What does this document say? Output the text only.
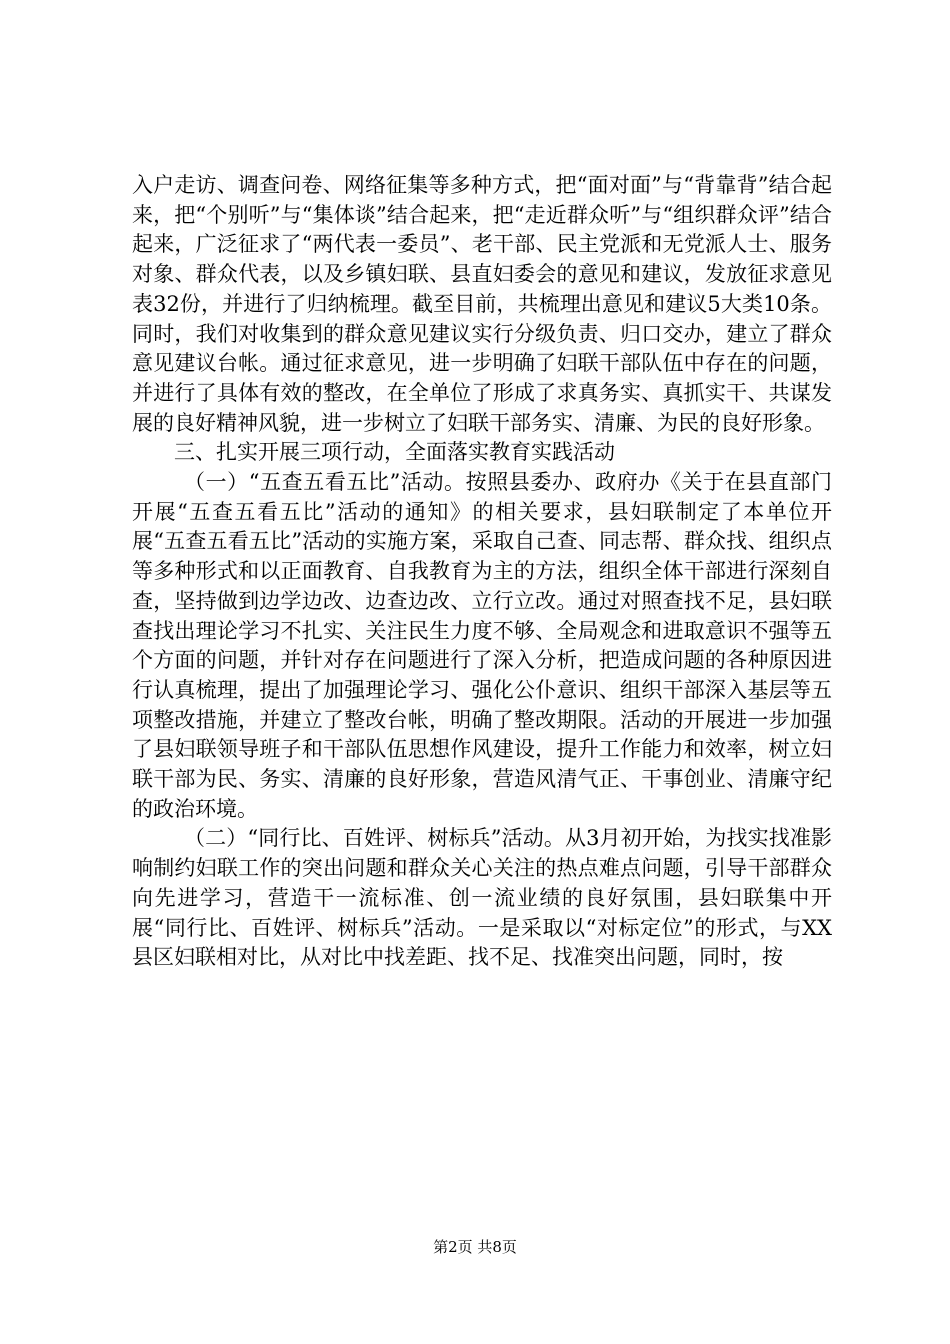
入户走访、调查问卷、网络征集等多种方式，把“面对面”与“背靠背”结合起来，把“个别听”与“集体谈”结合起来，把“走近群众听”与“组织群众评”结合起来，广泛征求了“两代表一委员”、老干部、民主党派和无党派人士、服务对象、群众代表，以及乡镇妇联、县直妇委会的意见和建议，发放征求意见表32份，并进行了归纳梳理。截至目前，共梳理出意见和建议5大类10条。同时，我们对收集到的群众意见建议实行分级负责、归口交办，建立了群众意见建议台帐。通过征求意见，进一步明确了妇联干部队伍中存在的问题，并进行了具体有效的整改，在全单位了形成了求真务实、真抓实干、共谋发展的良好精神风貌，进一步树立了妇联干部务实、清廉、为民的良好形象。

三、扎实开展三项行动，全面落实教育实践活动

（一）“五查五看五比”活动。按照县委办、政府办《关于在县直部门开展“五查五看五比”活动的通知》的相关要求，县妇联制定了本单位开展“五查五看五比”活动的实施方案，采取自己查、同志帮、群众找、组织点等多种形式和以正面教育、自我教育为主的方法，组织全体干部进行深刻自查，坚持做到边学边改、边查边改、立行立改。通过对照查找不足，县妇联查找出理论学习不扎实、关注民生力度不够、全局观念和进取意识不强等五个方面的问题，并针对存在问题进行了深入分析，把造成问题的各种原因进行认真梳理，提出了加强理论学习、强化公仆意识、组织干部深入基层等五项整改措施，并建立了整改台帐，明确了整改期限。活动的开展进一步加强了县妇联领导班子和干部队伍思想作风建设，提升工作能力和效率，树立妇联干部为民、务实、清廉的良好形象，营造风清气正、干事创业、清廉守纪的政治环境。

（二）“同行比、百姓评、树标兵”活动。从3月初开始，为找实找准影响制约妇联工作的突出问题和群众关心关注的热点难点问题，引导干部群众向先进学习，营造干一流标准、创一流业绩的良好氛围，县妇联集中开展“同行比、百姓评、树标兵”活动。一是采取以“对标定位”的形式，与XX县区妇联相对比，从对比中找差距、找不足、找准突出问题，同时，按

第2页 共8页
